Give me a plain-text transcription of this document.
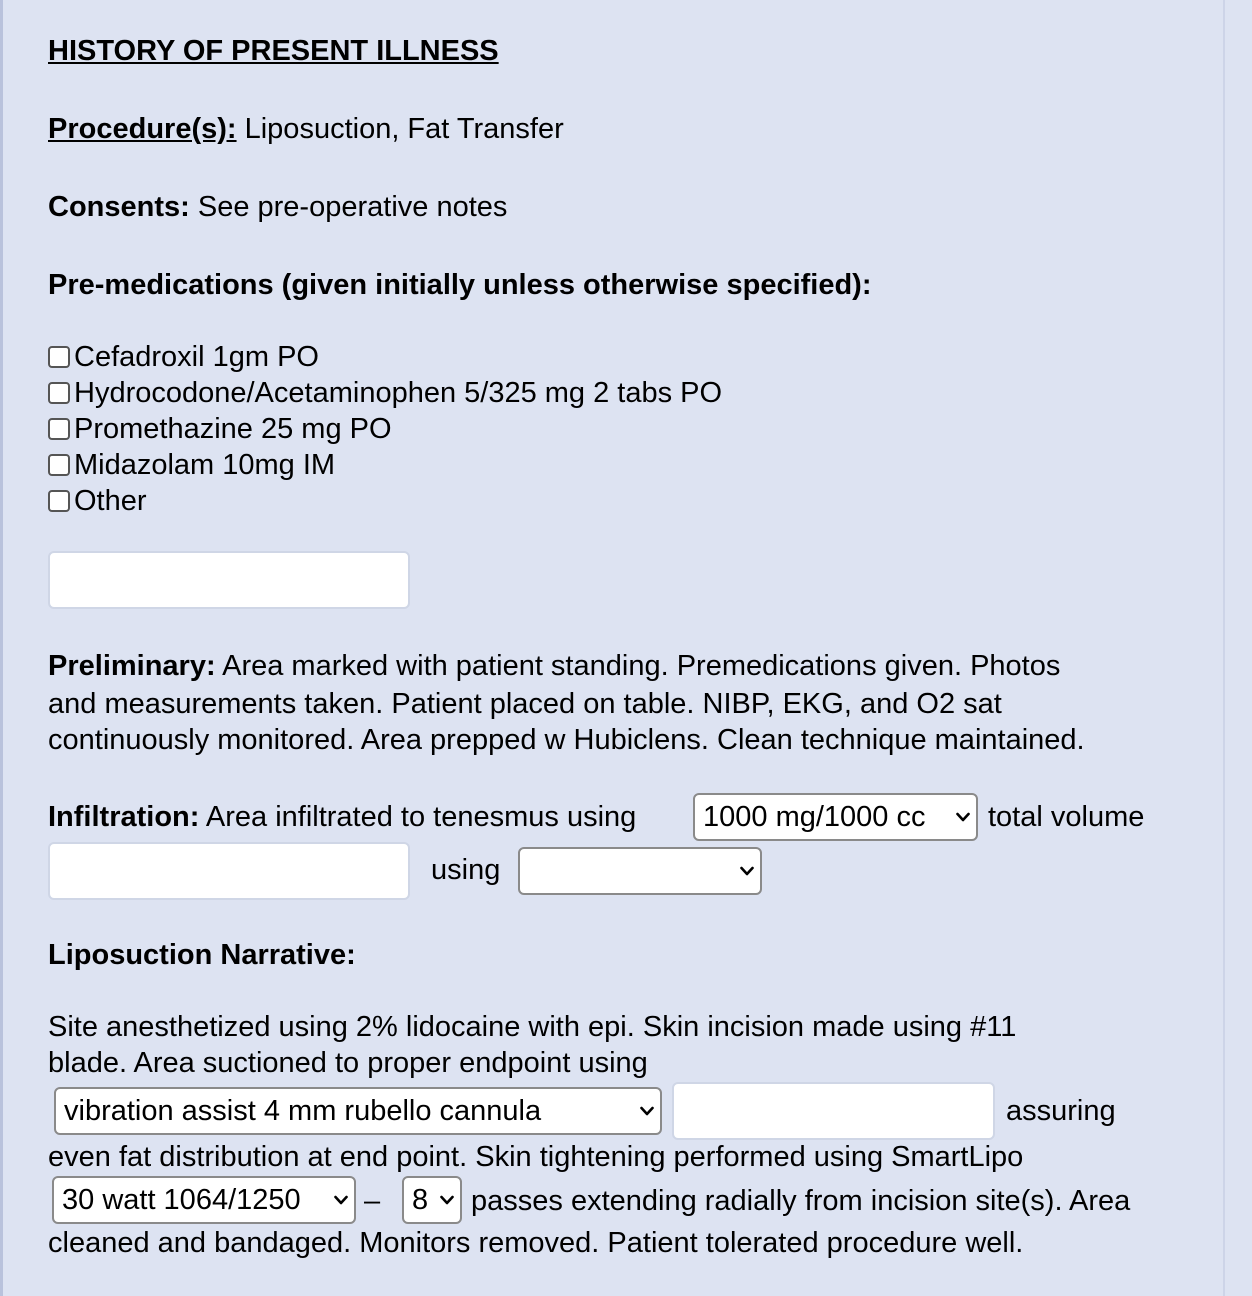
HISTORY OF PRESENT ILLNESS
Procedure(s): Liposuction, Fat Transfer
Consents: See pre-operative notes
Pre-medications (given initially unless otherwise specified):
Cefadroxil 1gm PO
Hydrocodone/Acetaminophen 5/325 mg 2 tabs PO
Promethazine 25 mg PO
Midazolam 10mg IM
Other
Preliminary: Area marked with patient standing. Premedications given. Photos
and measurements taken. Patient placed on table. NIBP, EKG, and O2 sat
continuously monitored. Area prepped w Hubiclens. Clean technique maintained.
Infiltration: Area infiltrated to tenesmus using 1000 mg/1000 cc	total volume
using
Liposuction Narrative:
Site anesthetized using 2% lidocaine with epi. Skin incision made using #11
blade. Area suctioned to proper endpoint using
vibration assist 4 mm rubello cannula	assuring
even fat distribution at end point. Skin tightening performed using SmartLipo
30 watt 1064/1250	– 8 passes extending radially from incision site(s). Area
cleaned and bandaged. Monitors removed. Patient tolerated procedure well.
